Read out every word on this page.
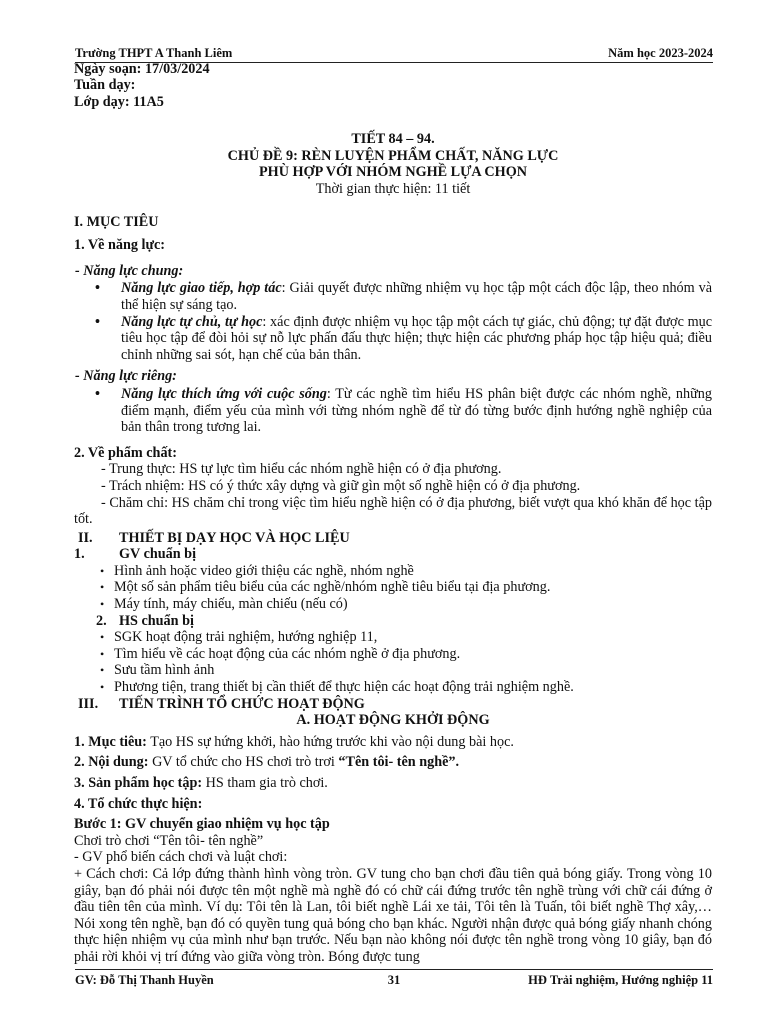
Trường THPT A Thanh Liêm	Năm học 2023-2024
Ngày soạn: 17/03/2024
Tuần dạy:
Lớp dạy: 11A5
TIẾT 84 – 94.
CHỦ ĐỀ 9: RÈN LUYỆN PHẨM CHẤT, NĂNG LỰC
PHÙ HỢP VỚI NHÓM NGHỀ LỰA CHỌN
Thời gian thực hiện: 11 tiết
I. MỤC TIÊU
1. Về năng lực:
- Năng lực chung:
• Năng lực giao tiếp, hợp tác: Giải quyết được những nhiệm vụ học tập một cách độc lập, theo nhóm và thể hiện sự sáng tạo.
• Năng lực tự chủ, tự học: xác định được nhiệm vụ học tập một cách tự giác, chủ động; tự đặt được mục tiêu học tập để đòi hỏi sự nỗ lực phấn đấu thực hiện; thực hiện các phương pháp học tập hiệu quả; điều chỉnh những sai sót, hạn chế của bản thân.
- Năng lực riêng:
• Năng lực thích ứng với cuộc sống: Từ các nghề tìm hiểu HS phân biệt được các nhóm nghề, những điểm mạnh, điểm yếu của mình với từng nhóm nghề để từ đó từng bước định hướng nghề nghiệp của bản thân trong tương lai.
2. Về phẩm chất:
- Trung thực: HS tự lực tìm hiểu các nhóm nghề hiện có ở địa phương.
- Trách nhiệm: HS có ý thức xây dựng và giữ gìn một số nghề hiện có ở địa phương.
- Chăm chỉ: HS chăm chỉ trong việc tìm hiểu nghề hiện có ở địa phương, biết vượt qua khó khăn để học tập tốt.
II. THIẾT BỊ DẠY HỌC VÀ HỌC LIỆU
1. GV chuẩn bị
• Hình ảnh hoặc video giới thiệu các nghề, nhóm nghề
• Một số sản phẩm tiêu biểu của các nghề/nhóm nghề tiêu biểu tại địa phương.
• Máy tính, máy chiếu, màn chiếu (nếu có)
2. HS chuẩn bị
• SGK hoạt động trải nghiệm, hướng nghiệp 11,
• Tìm hiểu về các hoạt động của các nhóm nghề ở địa phương.
• Sưu tầm hình ảnh
• Phương tiện, trang thiết bị cần thiết để thực hiện các hoạt động trải nghiệm nghề.
III. TIẾN TRÌNH TỔ CHỨC HOẠT ĐỘNG
A. HOẠT ĐỘNG KHỞI ĐỘNG
1. Mục tiêu: Tạo HS sự hứng khởi, hào hứng trước khi vào nội dung bài học.
2. Nội dung: GV tổ chức cho HS chơi trò trơi “Tên tôi- tên nghề”.
3. Sản phẩm học tập: HS tham gia trò chơi.
4. Tổ chức thực hiện:
Bước 1: GV chuyển giao nhiệm vụ học tập
Chơi trò chơi “Tên tôi- tên nghề”
- GV phổ biến cách chơi và luật chơi:
+ Cách chơi: Cả lớp đứng thành hình vòng tròn. GV tung cho bạn chơi đầu tiên quả bóng giấy. Trong vòng 10 giây, bạn đó phải nói được tên một nghề mà nghề đó có chữ cái đứng trước tên nghề trùng với chữ cái đứng ở đầu tiên tên của mình. Ví dụ: Tôi tên là Lan, tôi biết nghề Lái xe tải, Tôi tên là Tuấn, tôi biết nghề Thợ xây,…Nói xong tên nghề, bạn đó có quyền tung quả bóng cho bạn khác. Người nhận được quả bóng giấy nhanh chóng thực hiện nhiệm vụ của mình như bạn trước. Nếu bạn nào không nói được tên nghề trong vòng 10 giây, bạn đó phải rời khỏi vị trí đứng vào giữa vòng tròn. Bóng được tung
GV: Đỗ Thị Thanh Huyền	31	HĐ Trải nghiệm, Hướng nghiệp 11
